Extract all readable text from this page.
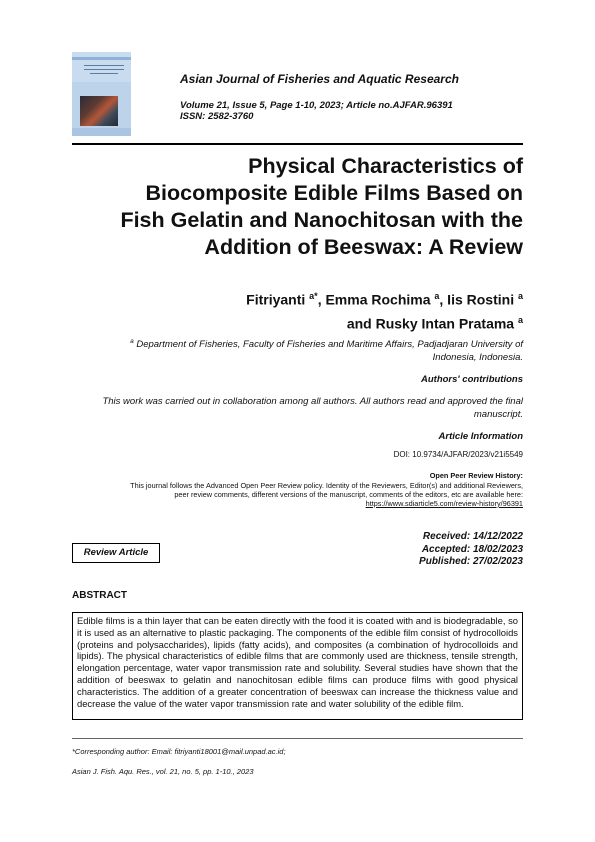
Asian Journal of Fisheries and Aquatic Research
Volume 21, Issue 5, Page 1-10, 2023; Article no.AJFAR.96391
ISSN: 2582-3760
Physical Characteristics of
Biocomposite Edible Films Based on
Fish Gelatin and Nanochitosan with the
Addition of Beeswax: A Review
Fitriyanti $^{a*}$, Emma Rochima $^a$, Iis Rostini $^a$
and Rusky Intan Pratama $^a$
$^a$ Department of Fisheries, Faculty of Fisheries and Maritime Affairs, Padjadjaran University of
Indonesia, Indonesia.
Authors' contributions
This work was carried out in collaboration among all authors. All authors read and approved the final
manuscript.
Article Information
DOI: 10.9734/AJFAR/2023/v21i5549
Open Peer Review History:
This journal follows the Advanced Open Peer Review policy. Identity of the Reviewers, Editor(s) and additional Reviewers,
peer review comments, different versions of the manuscript, comments of the editors, etc are available here:
https://www.sdiarticle5.com/review-history/96391
Review Article
Received: 14/12/2022
Accepted: 18/02/2023
Published: 27/02/2023
ABSTRACT
Edible films is a thin layer that can be eaten directly with the food it is coated with and is biodegradable, so it is used as an alternative to plastic packaging. The components of the edible film consist of hydrocolloids (proteins and polysaccharides), lipids (fatty acids), and composites (a combination of hydrocolloids and lipids). The physical characteristics of edible films that are commonly used are thickness, tensile strength, elongation percentage, water vapor transmission rate and solubility. Several studies have shown that the addition of beeswax to gelatin and nanochitosan edible films can produce films with good physical characteristics. The addition of a greater concentration of beeswax can increase the thickness value and decrease the value of the water vapor transmission rate and water solubility of the edible film.
*Corresponding author: Email: fitriyanti18001@mail.unpad.ac.id;
Asian J. Fish. Aqu. Res., vol. 21, no. 5, pp. 1-10., 2023
